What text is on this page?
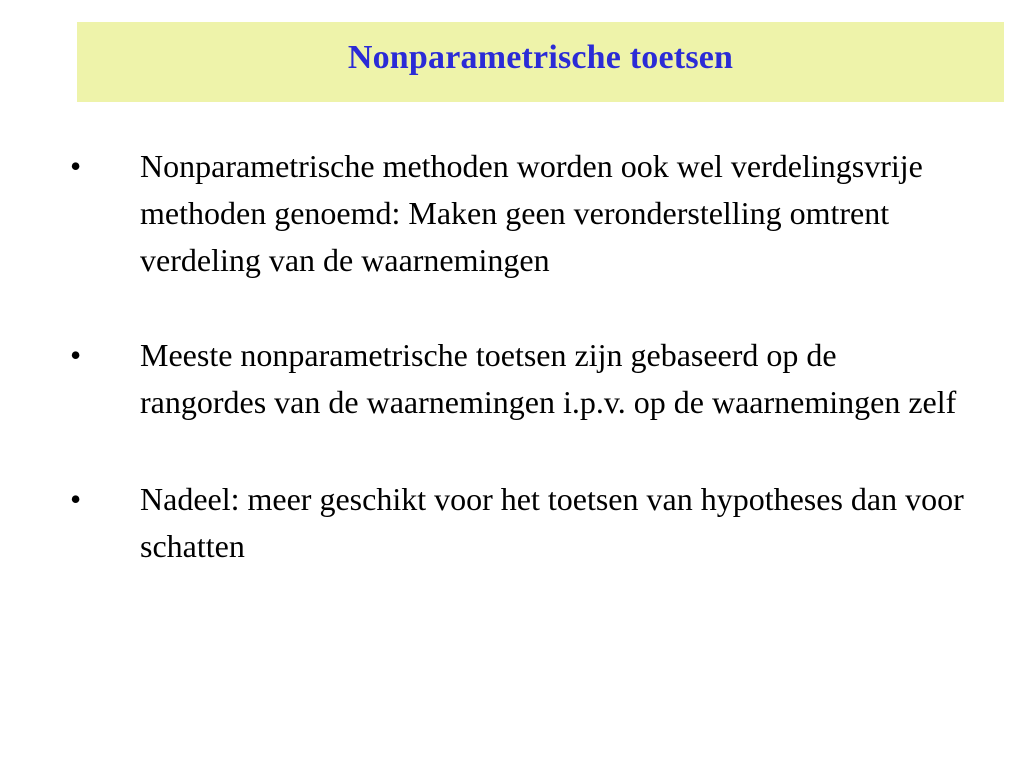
Nonparametrische toetsen
• Nonparametrische methoden worden ook wel verdelingsvrije methoden genoemd: Maken geen veronderstelling omtrent verdeling van de waarnemingen
• Meeste nonparametrische toetsen zijn gebaseerd op de rangordes van de waarnemingen i.p.v. op de waarnemingen zelf
• Nadeel: meer geschikt voor het toetsen van hypotheses dan voor schatten
